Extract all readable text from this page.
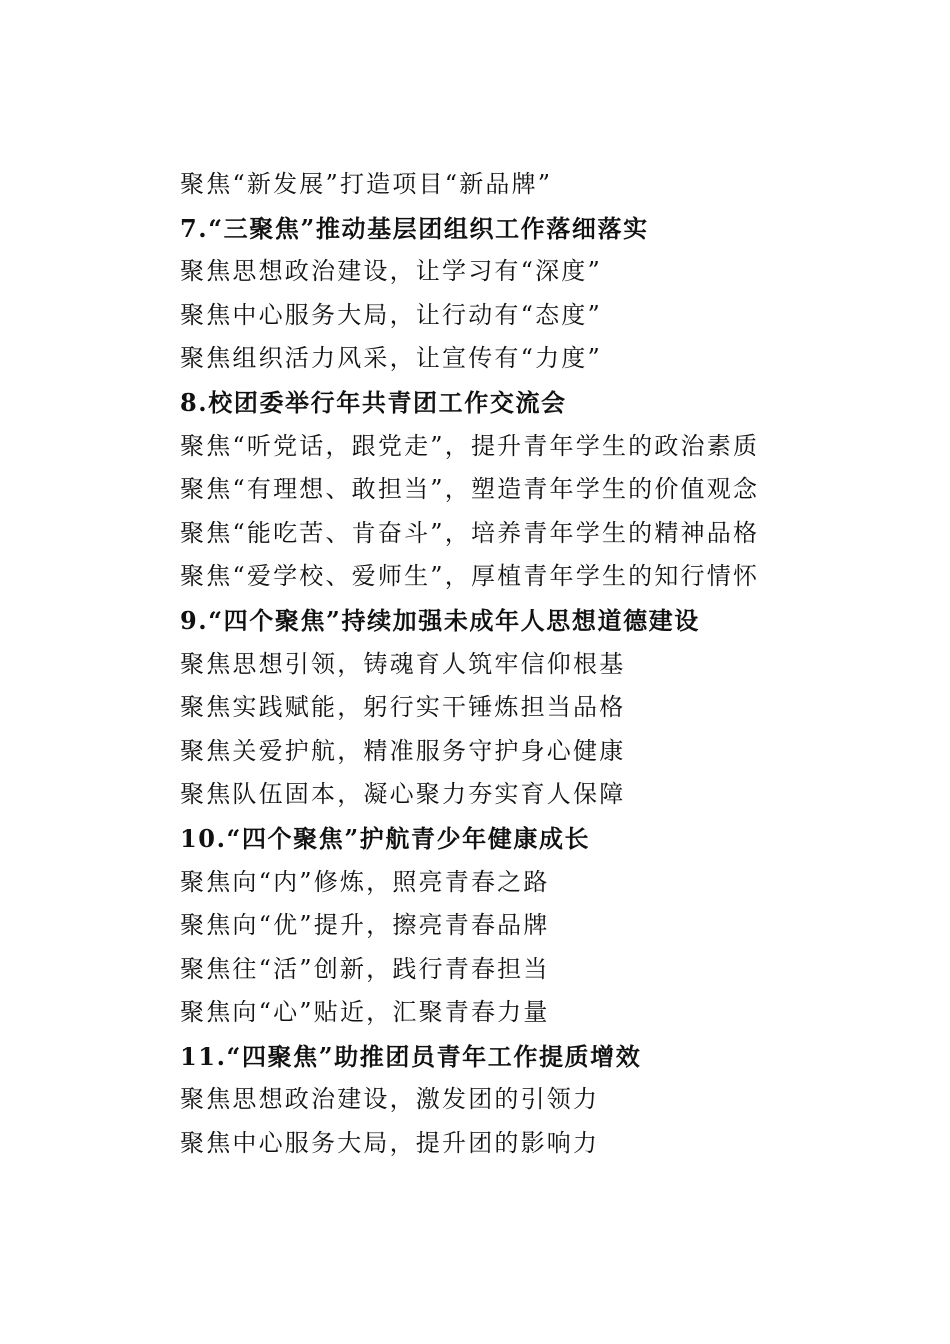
聚焦“新发展”打造项目“新品牌”
7.“三聚焦”推动基层团组织工作落细落实
聚焦思想政治建设，让学习有“深度”
聚焦中心服务大局，让行动有“态度”
聚焦组织活力风采，让宣传有“力度”
8.校团委举行年共青团工作交流会
聚焦“听党话，跟党走”，提升青年学生的政治素质
聚焦“有理想、敢担当”，塑造青年学生的价值观念
聚焦“能吃苦、肯奋斗”，培养青年学生的精神品格
聚焦“爱学校、爱师生”，厚植青年学生的知行情怀
9.“四个聚焦”持续加强未成年人思想道德建设
聚焦思想引领，铸魂育人筑牢信仰根基
聚焦实践赋能，躬行实干锤炼担当品格
聚焦关爱护航，精准服务守护身心健康
聚焦队伍固本，凝心聚力夯实育人保障
10.“四个聚焦”护航青少年健康成长
聚焦向“内”修炼，照亮青春之路
聚焦向“优”提升，擦亮青春品牌
聚焦往“活”创新，践行青春担当
聚焦向“心”贴近，汇聚青春力量
11.“四聚焦”助推团员青年工作提质增效
聚焦思想政治建设，激发团的引领力
聚焦中心服务大局，提升团的影响力
